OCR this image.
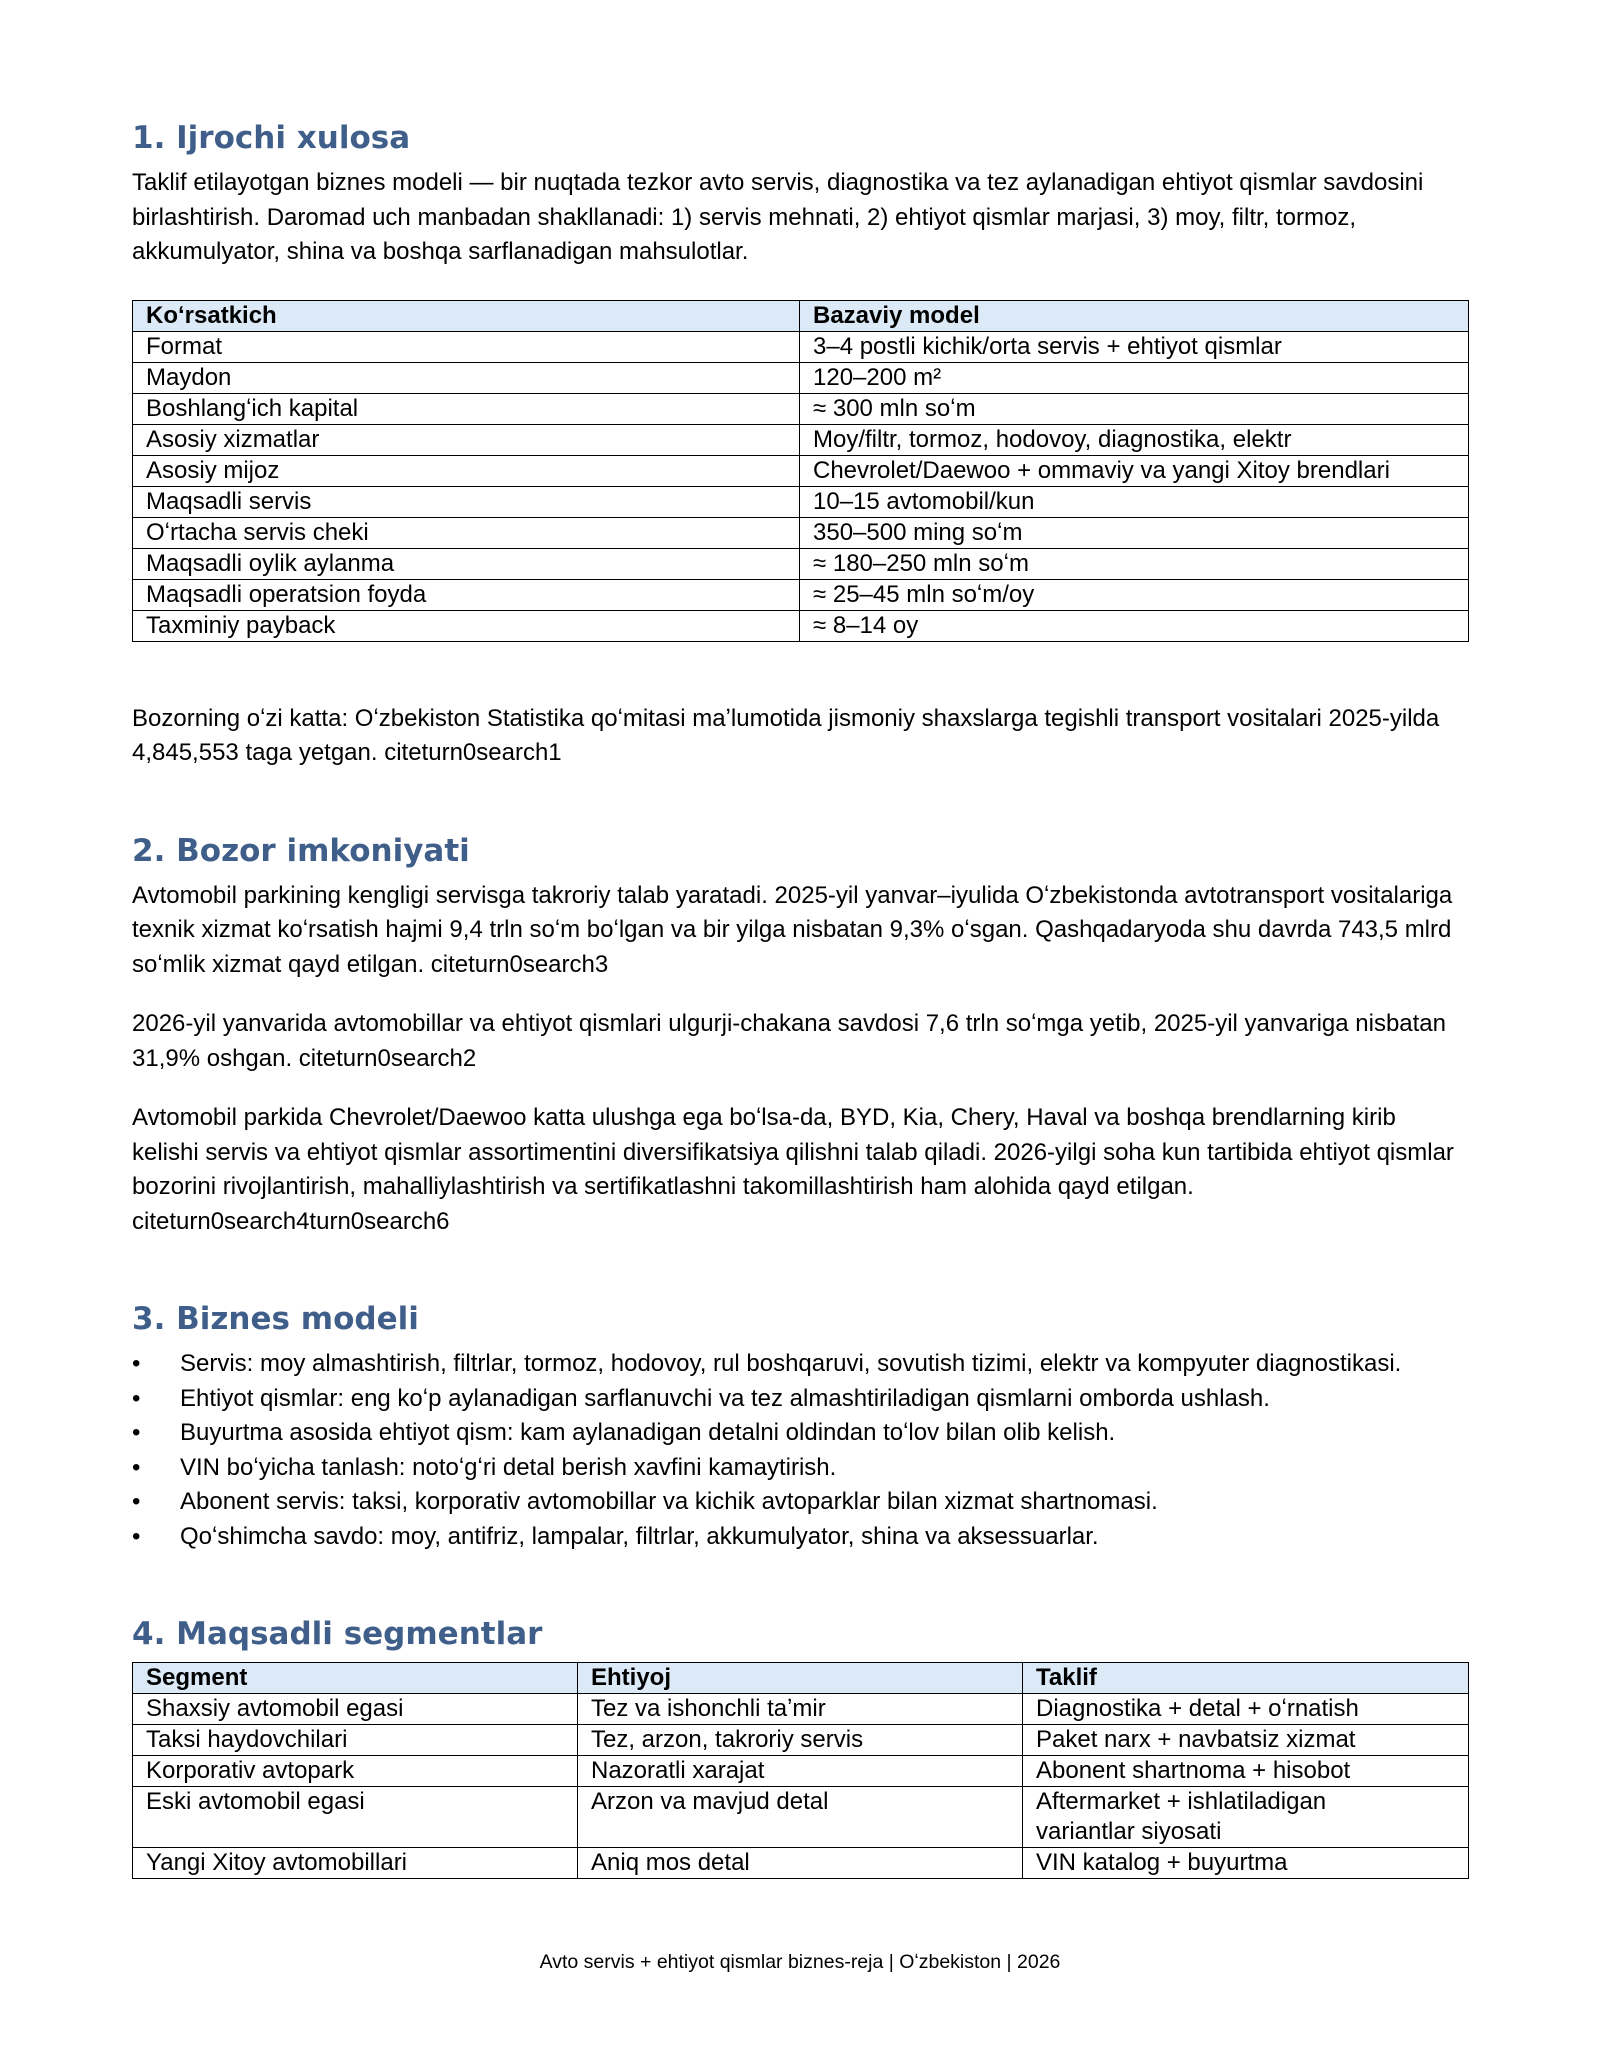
1. Ijrochi xulosa

Taklif etilayotgan biznes modeli — bir nuqtada tezkor avto servis, diagnostika va tez aylanadigan ehtiyot qismlar savdosini birlashtirish. Daromad uch manbadan shakllanadi: 1) servis mehnati, 2) ehtiyot qismlar marjasi, 3) moy, filtr, tormoz, akkumulyator, shina va boshqa sarflanadigan mahsulotlar.

Koʻrsatkich	Bazaviy model
Format	3–4 postli kichik/orta servis + ehtiyot qismlar
Maydon	120–200 m²
Boshlangʻich kapital	≈ 300 mln soʻm
Asosiy xizmatlar	Moy/filtr, tormoz, hodovoy, diagnostika, elektr
Asosiy mijoz	Chevrolet/Daewoo + ommaviy va yangi Xitoy brendlari
Maqsadli servis	10–15 avtomobil/kun
Oʻrtacha servis cheki	350–500 ming soʻm
Maqsadli oylik aylanma	≈ 180–250 mln soʻm
Maqsadli operatsion foyda	≈ 25–45 mln soʻm/oy
Taxminiy payback	≈ 8–14 oy

Bozorning oʻzi katta: Oʻzbekiston Statistika qoʻmitasi maʼlumotida jismoniy shaxslarga tegishli transport vositalari 2025-yilda 4,845,553 taga yetgan. citeturn0search1

2. Bozor imkoniyati

Avtomobil parkining kengligi servisga takroriy talab yaratadi. 2025-yil yanvar–iyulida Oʻzbekistonda avtotransport vositalariga texnik xizmat koʻrsatish hajmi 9,4 trln soʻm boʻlgan va bir yilga nisbatan 9,3% oʻsgan. Qashqadaryoda shu davrda 743,5 mlrd soʻmlik xizmat qayd etilgan. citeturn0search3

2026-yil yanvarida avtomobillar va ehtiyot qismlari ulgurji-chakana savdosi 7,6 trln soʻmga yetib, 2025-yil yanvariga nisbatan 31,9% oshgan. citeturn0search2

Avtomobil parkida Chevrolet/Daewoo katta ulushga ega boʻlsa-da, BYD, Kia, Chery, Haval va boshqa brendlarning kirib kelishi servis va ehtiyot qismlar assortimentini diversifikatsiya qilishni talab qiladi. 2026-yilgi soha kun tartibida ehtiyot qismlar bozorini rivojlantirish, mahalliylashtirish va sertifikatlashni takomillashtirish ham alohida qayd etilgan. citeturn0search4turn0search6

3. Biznes modeli
• Servis: moy almashtirish, filtrlar, tormoz, hodovoy, rul boshqaruvi, sovutish tizimi, elektr va kompyuter diagnostikasi.
• Ehtiyot qismlar: eng koʻp aylanadigan sarflanuvchi va tez almashtiriladigan qismlarni omborda ushlash.
• Buyurtma asosida ehtiyot qism: kam aylanadigan detalni oldindan toʻlov bilan olib kelish.
• VIN boʻyicha tanlash: notoʻgʻri detal berish xavfini kamaytirish.
• Abonent servis: taksi, korporativ avtomobillar va kichik avtoparklar bilan xizmat shartnomasi.
• Qoʻshimcha savdo: moy, antifriz, lampalar, filtrlar, akkumulyator, shina va aksessuarlar.
4. Maqsadli segmentlar
Segment	Ehtiyoj	Taklif
Shaxsiy avtomobil egasi	Tez va ishonchli taʼmir	Diagnostika + detal + oʻrnatish
Taksi haydovchilari	Tez, arzon, takroriy servis	Paket narx + navbatsiz xizmat
Korporativ avtopark	Nazoratli xarajat	Abonent shartnoma + hisobot
Eski avtomobil egasi	Arzon va mavjud detal	Aftermarket + ishlatiladigan variantlar siyosati
Yangi Xitoy avtomobillari	Aniq mos detal	VIN katalog + buyurtma
Avto servis + ehtiyot qismlar biznes-reja | Oʻzbekiston | 2026
